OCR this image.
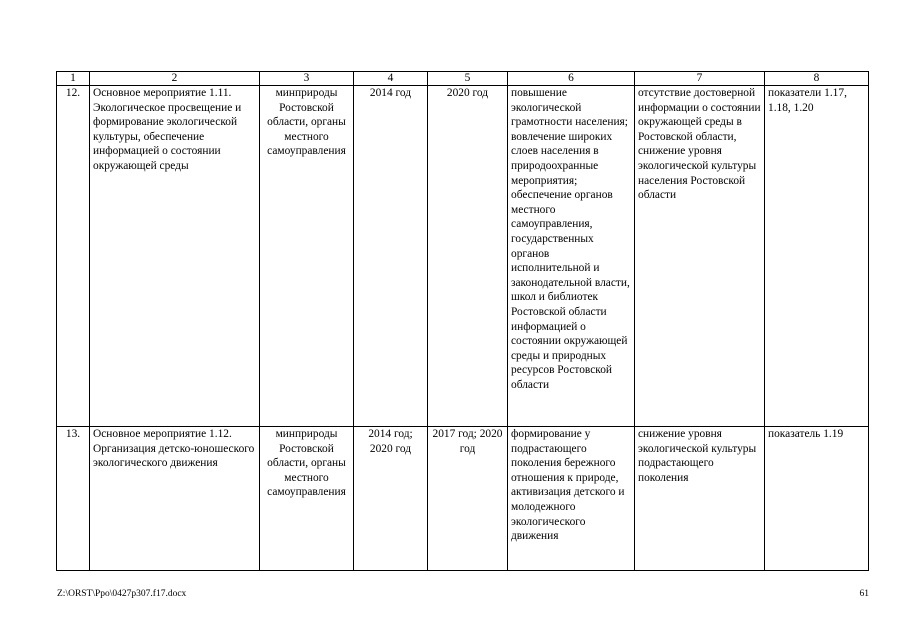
1	2	3	4	5	6	7	8
12.	Основное мероприятие 1.11. Экологическое просвещение и формирование экологической культуры, обеспечение информацией о состоянии окружающей среды	минприроды Ростовской области, органы местного самоуправления	2014 год	2020 год	повышение экологической грамотности населения; вовлечение широких слоев населения в природоохранные мероприятия; обеспечение органов местного самоуправления, государственных органов исполнительной и законодательной власти, школ и библиотек Ростовской области информацией о состоянии окружающей среды и природных ресурсов Ростовской области	отсутствие достоверной информации о состоянии окружающей среды в Ростовской области, снижение уровня экологической культуры населения Ростовской области	показатели 1.17, 1.18, 1.20
13.	Основное мероприятие 1.12. Организация детско-юношеского экологического движения	минприроды Ростовской области, органы местного самоуправления	2014 год; 2020 год	2017 год; 2020 год	формирование у подрастающего поколения бережного отношения к природе, активизация детского и молодежного экологического движения	снижение уровня экологической культуры подрастающего поколения	показатель 1.19
Z:\ORST\Ppo\0427p307.f17.docx	61
